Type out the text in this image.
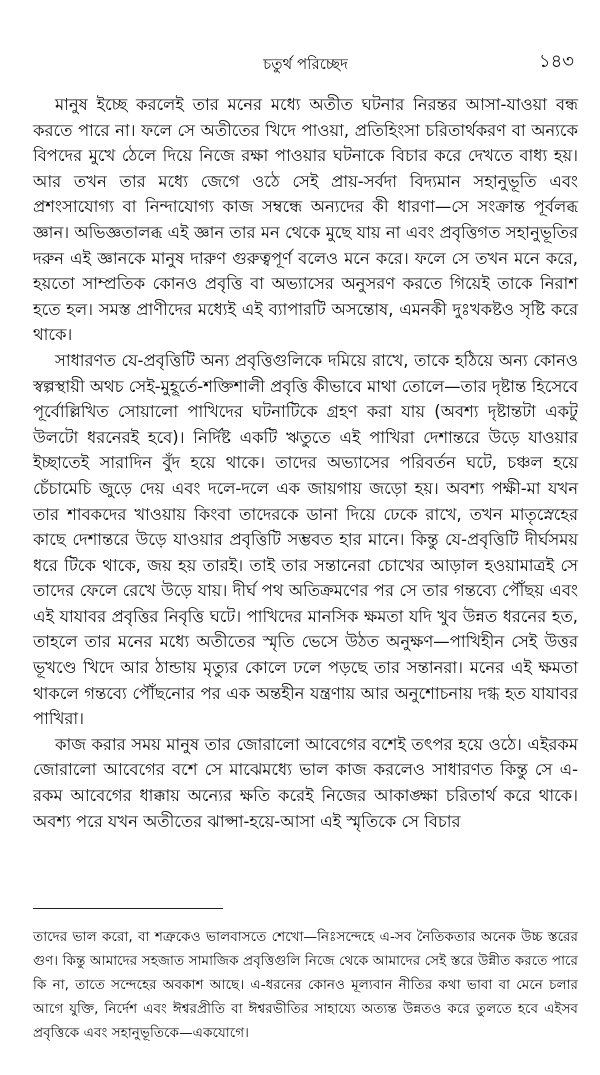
চতুর্থ পরিচ্ছেদ	১৪৩

মানুষ ইচ্ছে করলেই তার মনের মধ্যে অতীত ঘটনার নিরন্তর আসা-যাওয়া বন্ধ করতে পারে না। ফলে সে অতীতের খিদে পাওয়া, প্রতিহিংসা চরিতার্থকরণ বা অন্যকে বিপদের মুখে ঠেলে দিয়ে নিজে রক্ষা পাওয়ার ঘটনাকে বিচার করে দেখতে বাধ্য হয়। আর তখন তার মধ্যে জেগে ওঠে সেই প্রায়-সর্বদা বিদ্যমান সহানুভূতি এবং প্রশংসাযোগ্য বা নিন্দাযোগ্য কাজ সম্বন্ধে অন্যদের কী ধারণা—সে সংক্রান্ত পূর্বলব্ধ জ্ঞান। অভিজ্ঞতালব্ধ এই জ্ঞান তার মন থেকে মুছে যায় না এবং প্রবৃত্তিগত সহানুভূতির দরুন এই জ্ঞানকে মানুষ দারুণ গুরুত্বপূর্ণ বলেও মনে করে। ফলে সে তখন মনে করে, হয়তো সাম্প্রতিক কোনও প্রবৃত্তি বা অভ্যাসের অনুসরণ করতে গিয়েই তাকে নিরাশ হতে হল। সমস্ত প্রাণীদের মধ্যেই এই ব্যাপারটি অসন্তোষ, এমনকী দুঃখকষ্টও সৃষ্টি করে থাকে।

সাধারণত যে-প্রবৃত্তিটি অন্য প্রবৃত্তিগুলিকে দমিয়ে রাখে, তাকে হঠিয়ে অন্য কোনও স্বল্পস্থায়ী অথচ সেই-মুহূর্তে-শক্তিশালী প্রবৃত্তি কীভাবে মাথা তোলে—তার দৃষ্টান্ত হিসেবে পূর্বোল্লিখিত সোয়ালো পাখিদের ঘটনাটিকে গ্রহণ করা যায় (অবশ্য দৃষ্টান্তটা একটু উলটো ধরনেরই হবে)। নির্দিষ্ট একটি ঋতুতে এই পাখিরা দেশান্তরে উড়ে যাওয়ার ইচ্ছাতেই সারাদিন বুঁদ হয়ে থাকে। তাদের অভ্যাসের পরিবর্তন ঘটে, চঞ্চল হয়ে চেঁচামেচি জুড়ে দেয় এবং দলে-দলে এক জায়গায় জড়ো হয়। অবশ্য পক্ষী-মা যখন তার শাবকদের খাওয়ায় কিংবা তাদেরকে ডানা দিয়ে ঢেকে রাখে, তখন মাতৃস্নেহের কাছে দেশান্তরে উড়ে যাওয়ার প্রবৃত্তিটি সম্ভবত হার মানে। কিন্তু যে-প্রবৃত্তিটি দীর্ঘসময় ধরে টিকে থাকে, জয় হয় তারই। তাই তার সন্তানেরা চোখের আড়াল হওয়ামাত্রই সে তাদের ফেলে রেখে উড়ে যায়। দীর্ঘ পথ অতিক্রমণের পর সে তার গন্তব্যে পৌঁছয় এবং এই যাযাবর প্রবৃত্তির নিবৃত্তি ঘটে। পাখিদের মানসিক ক্ষমতা যদি খুব উন্নত ধরনের হত, তাহলে তার মনের মধ্যে অতীতের স্মৃতি ভেসে উঠত অনুক্ষণ—পাখিহীন সেই উত্তর ভূখণ্ডে খিদে আর ঠান্ডায় মৃত্যুর কোলে ঢলে পড়ছে তার সন্তানরা। মনের এই ক্ষমতা থাকলে গন্তব্যে পৌঁছনোর পর এক অন্তহীন যন্ত্রণায় আর অনুশোচনায় দগ্ধ হত যাযাবর পাখিরা।

কাজ করার সময় মানুষ তার জোরালো আবেগের বশেই তৎপর হয়ে ওঠে। এইরকম জোরালো আবেগের বশে সে মাঝেমধ্যে ভাল কাজ করলেও সাধারণত কিন্তু সে এ-রকম আবেগের ধাক্কায় অন্যের ক্ষতি করেই নিজের আকাঙ্ক্ষা চরিতার্থ করে থাকে। অবশ্য পরে যখন অতীতের ঝাপ্সা-হয়ে-আসা এই স্মৃতিকে সে বিচার

তাদের ভাল করো, বা শত্রুকেও ভালবাসতে শেখো—নিঃসন্দেহে এ-সব নৈতিকতার অনেক উচ্চ স্তরের গুণ। কিন্তু আমাদের সহজাত সামাজিক প্রবৃত্তিগুলি নিজে থেকে আমাদের সেই স্তরে উন্নীত করতে পারে কি না, তাতে সন্দেহের অবকাশ আছে। এ-ধরনের কোনও মূল্যবান নীতির কথা ভাবা বা মেনে চলার আগে যুক্তি, নির্দেশ এবং ঈশ্বরপ্রীতি বা ঈশ্বরভীতির সাহায্যে অত্যন্ত উন্নতও করে তুলতে হবে এইসব প্রবৃত্তিকে এবং সহানুভূতিকে—একযোগে।
